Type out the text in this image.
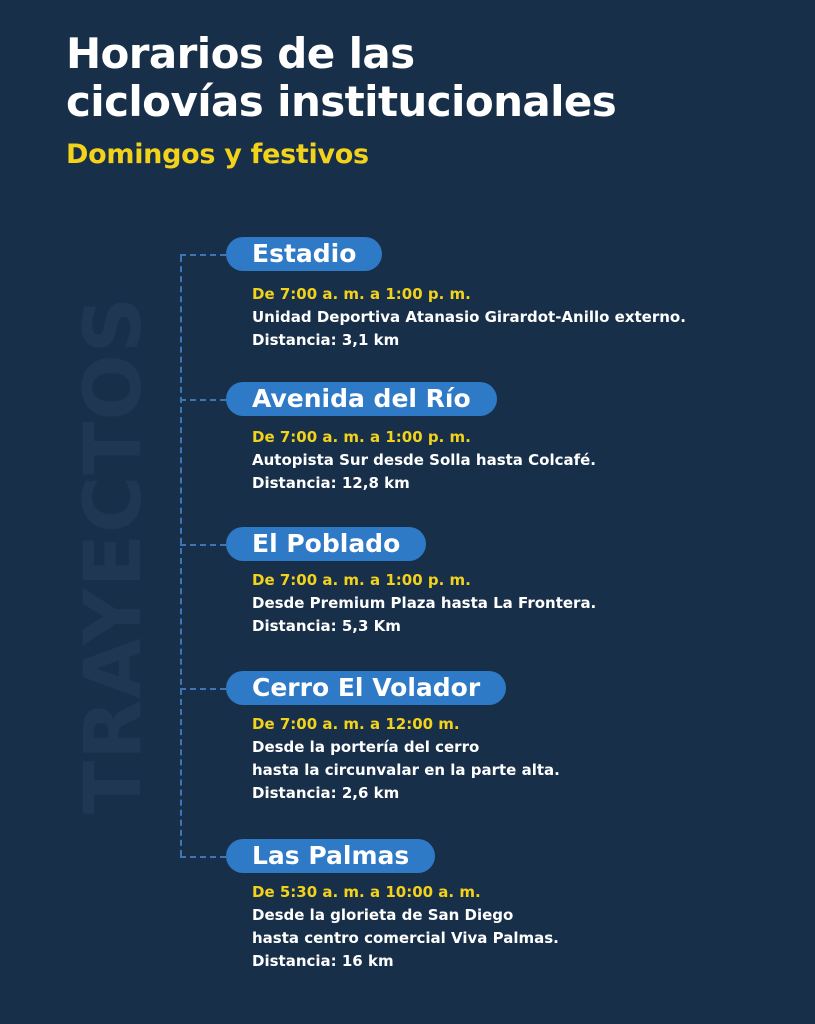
Horarios de las
ciclovías institucionales
Domingos y festivos
TRAYECTOS
Estadio
De 7:00 a. m. a 1:00 p. m.
Unidad Deportiva Atanasio Girardot-Anillo externo.
Distancia: 3,1 km
Avenida del Río
De 7:00 a. m. a 1:00 p. m.
Autopista Sur desde Solla hasta Colcafé.
Distancia: 12,8 km
El Poblado
De 7:00 a. m. a 1:00 p. m.
Desde Premium Plaza hasta La Frontera.
Distancia: 5,3 Km
Cerro El Volador
De 7:00 a. m. a 12:00 m.
Desde la portería del cerro
hasta la circunvalar en la parte alta.
Distancia: 2,6 km
Las Palmas
De 5:30 a. m. a 10:00 a. m.
Desde la glorieta de San Diego
hasta centro comercial Viva Palmas.
Distancia: 16 km
